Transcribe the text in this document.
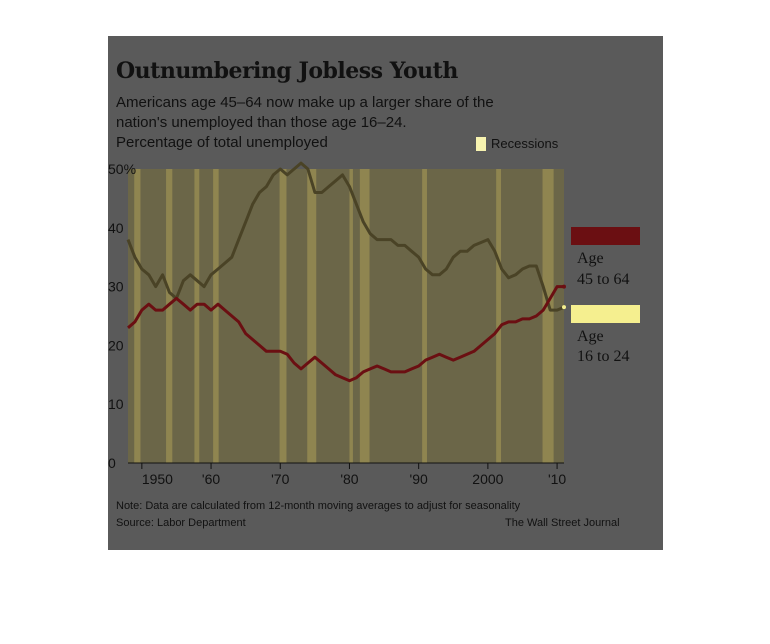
Outnumbering Jobless Youth
Americans age 45–64 now make up a larger share of the nation's unemployed than those age 16–24.
Percentage of total unemployed	Recessions
0
10
20
30
40
50%
1950 '60	'70	'80	'90	2000	'10
Age
45 to 64
Age
16 to 24
Note: Data are calculated from 12-month moving averages to adjust for seasonality
Source: Labor Department	The Wall Street Journal
